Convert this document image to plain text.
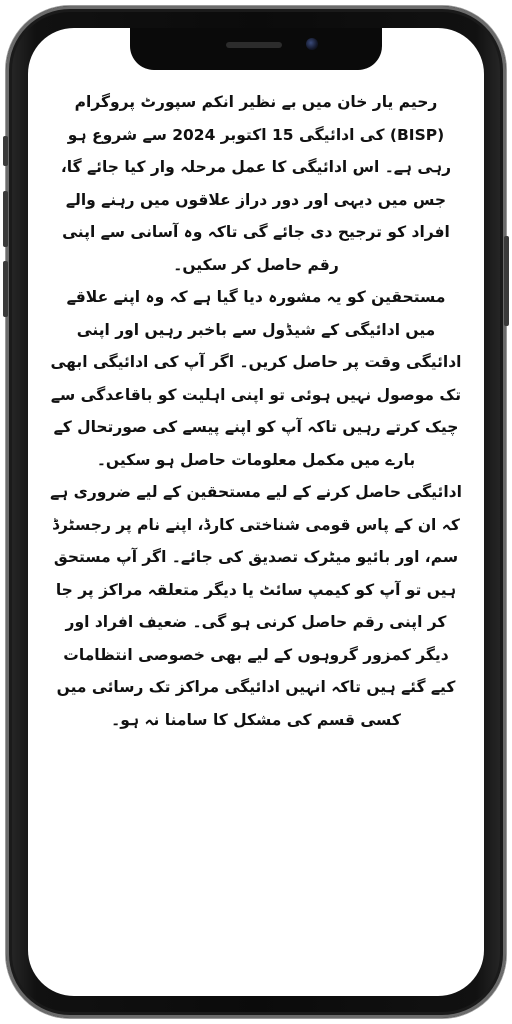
رحیم یار خان میں بے نظیر انکم سپورٹ پروگرام (BISP) کی ادائیگی 15 اکتوبر 2024 سے شروع ہو رہی ہے۔ اس ادائیگی کا عمل مرحلہ وار کیا جائے گا، جس میں دیہی اور دور دراز علاقوں میں رہنے والے افراد کو ترجیح دی جائے گی تاکہ وہ آسانی سے اپنی رقم حاصل کر سکیں۔

مستحقین کو یہ مشورہ دیا گیا ہے کہ وہ اپنے علاقے میں ادائیگی کے شیڈول سے باخبر رہیں اور اپنی ادائیگی وقت پر حاصل کریں۔ اگر آپ کی ادائیگی ابھی تک موصول نہیں ہوئی تو اپنی اہلیت کو باقاعدگی سے چیک کرتے رہیں تاکہ آپ کو اپنے پیسے کی صورتحال کے بارے میں مکمل معلومات حاصل ہو سکیں۔

ادائیگی حاصل کرنے کے لیے مستحقین کے لیے ضروری ہے کہ ان کے پاس قومی شناختی کارڈ، اپنے نام پر رجسٹرڈ سم، اور بائیو میٹرک تصدیق کی جائے۔ اگر آپ مستحق ہیں تو آپ کو کیمپ سائٹ یا دیگر متعلقہ مراکز پر جا کر اپنی رقم حاصل کرنی ہو گی۔ ضعیف افراد اور دیگر کمزور گروہوں کے لیے بھی خصوصی انتظامات کیے گئے ہیں تاکہ انہیں ادائیگی مراکز تک رسائی میں کسی قسم کی مشکل کا سامنا نہ ہو۔
